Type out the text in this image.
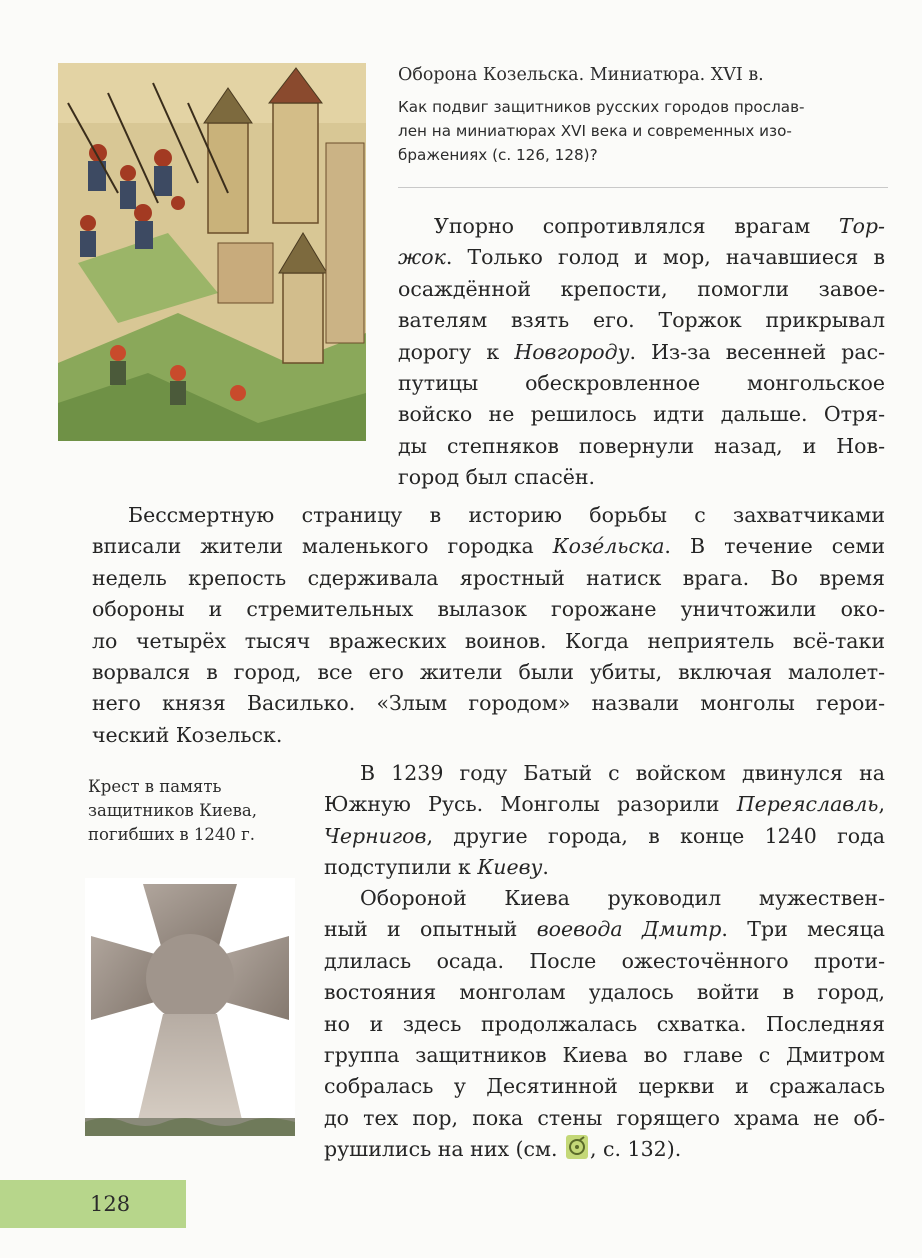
Оборона Козельска. Миниатюра. XVI в.
Как подвиг защитников русских городов прослав-
лен на миниатюрах XVI века и современных изо-
бражениях (с. 126, 128)?

Упорно сопротивлялся врагам Тор-
жок. Только голод и мор, начавшиеся в
осаждённой крепости, помогли завое-
вателям взять его. Торжок прикрывал
дорогу к Новгороду. Из-за весенней рас-
путицы обескровленное монгольское
войско не решилось идти дальше. Отря-
ды степняков повернули назад, и Нов-
город был спасён.

Бессмертную страницу в историю борьбы с захватчиками
вписали жители маленького городка Козéльска. В течение семи
недель крепость сдерживала яростный натиск врага. Во время
обороны и стремительных вылазок горожане уничтожили око-
ло четырёх тысяч вражеских воинов. Когда неприятель всё-таки
ворвался в город, все его жители были убиты, включая малолет-
него князя Василько. «Злым городом» назвали монголы герои-
ческий Козельск.

Крест в память
защитников Киева,
погибших в 1240 г.

В 1239 году Батый с войском двинулся на
Южную Русь. Монголы разорили Переяславль,
Чернигов, другие города, в конце 1240 года
подступили к Киеву.

Обороной Киева руководил мужествен-
ный и опытный воевода Дмитр. Три месяца
длилась осада. После ожесточённого проти-
востояния монголам удалось войти в город,
но и здесь продолжалась схватка. Последняя
группа защитников Киева во главе с Дмитром
собралась у Десятинной церкви и сражалась
до тех пор, пока стены горящего храма не об-
рушились на них (см.
, с. 132).

128
